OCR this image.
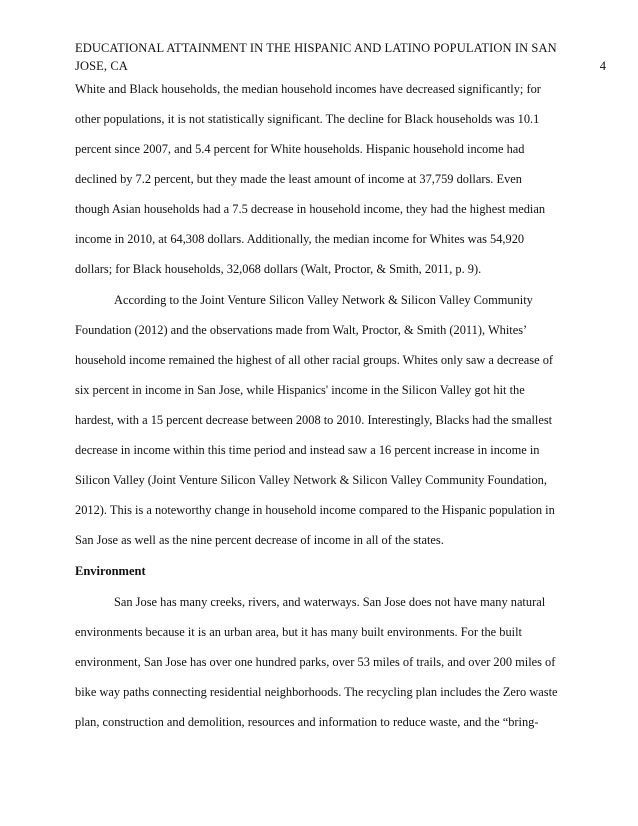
EDUCATIONAL ATTAINMENT IN THE HISPANIC AND LATINO POPULATION IN SAN JOSE, CA	4
White and Black households, the median household incomes have decreased significantly; for
other populations, it is not statistically significant. The decline for Black households was 10.1
percent since 2007, and 5.4 percent for White households. Hispanic household income had
declined by 7.2 percent, but they made the least amount of income at 37,759 dollars. Even
though Asian households had a 7.5 decrease in household income, they had the highest median
income in 2010, at 64,308 dollars. Additionally, the median income for Whites was 54,920
dollars; for Black households, 32,068 dollars (Walt, Proctor, & Smith, 2011, p. 9).
According to the Joint Venture Silicon Valley Network & Silicon Valley Community
Foundation (2012) and the observations made from Walt, Proctor, & Smith (2011), Whites’
household income remained the highest of all other racial groups. Whites only saw a decrease of
six percent in income in San Jose, while Hispanics' income in the Silicon Valley got hit the
hardest, with a 15 percent decrease between 2008 to 2010. Interestingly, Blacks had the smallest
decrease in income within this time period and instead saw a 16 percent increase in income in
Silicon Valley (Joint Venture Silicon Valley Network & Silicon Valley Community Foundation,
2012). This is a noteworthy change in household income compared to the Hispanic population in
San Jose as well as the nine percent decrease of income in all of the states.
Environment
San Jose has many creeks, rivers, and waterways. San Jose does not have many natural
environments because it is an urban area, but it has many built environments. For the built
environment, San Jose has over one hundred parks, over 53 miles of trails, and over 200 miles of
bike way paths connecting residential neighborhoods. The recycling plan includes the Zero waste
plan, construction and demolition, resources and information to reduce waste, and the “bring-
